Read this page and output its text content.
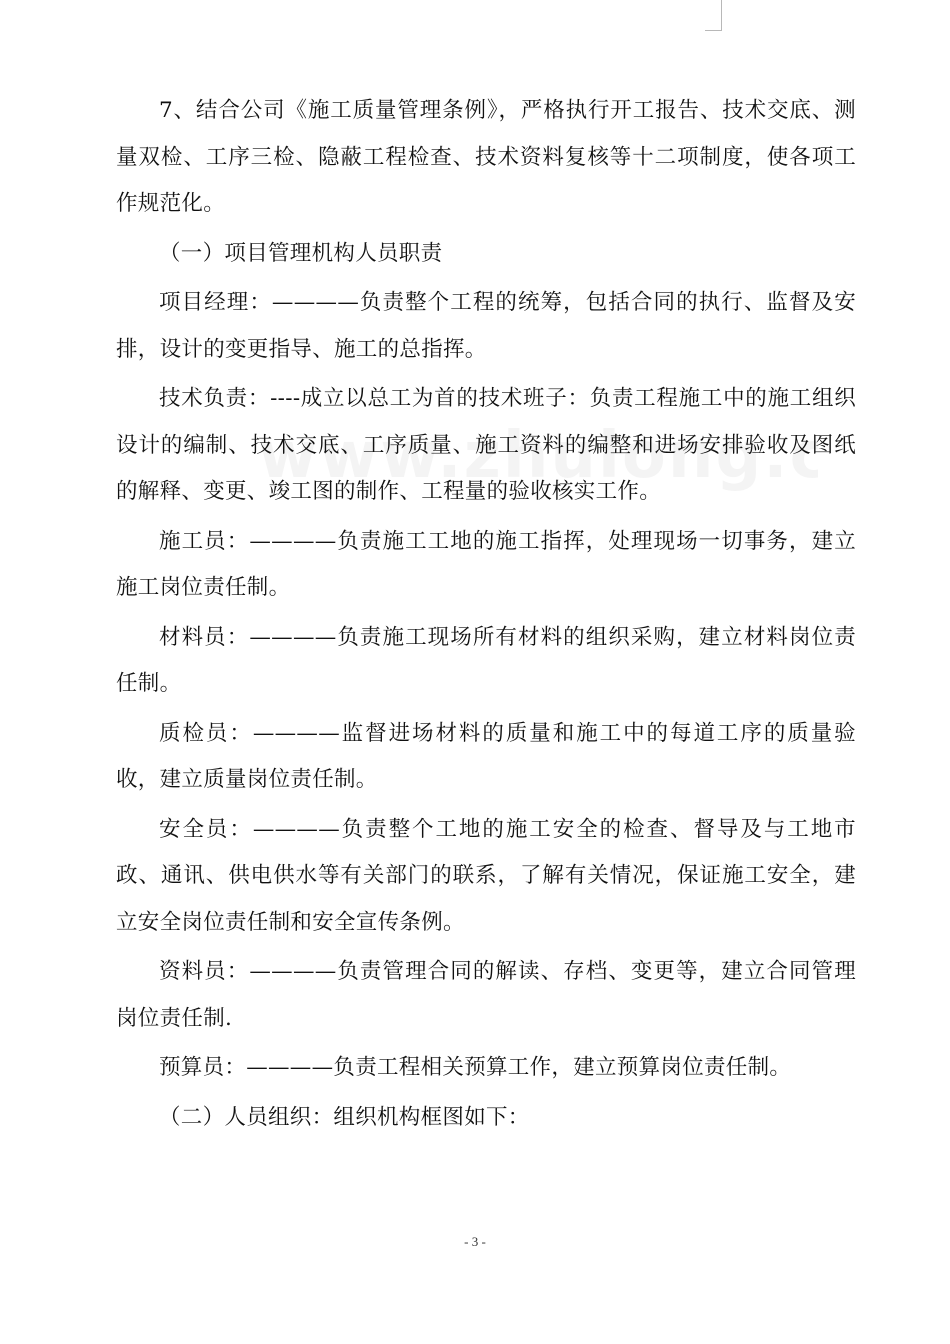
7、结合公司《施工质量管理条例》，严格执行开工报告、技术交底、测量双检、工序三检、隐蔽工程检查、技术资料复核等十二项制度，使各项工作规范化。

（一）项目管理机构人员职责

项目经理：————负责整个工程的统筹，包括合同的执行、监督及安排，设计的变更指导、施工的总指挥。

技术负责：----成立以总工为首的技术班子：负责工程施工中的施工组织设计的编制、技术交底、工序质量、施工资料的编整和进场安排验收及图纸的解释、变更、竣工图的制作、工程量的验收核实工作。

施工员：————负责施工工地的施工指挥，处理现场一切事务，建立施工岗位责任制。

材料员：————负责施工现场所有材料的组织采购，建立材料岗位责任制。

质检员：————监督进场材料的质量和施工中的每道工序的质量验收，建立质量岗位责任制。

安全员：————负责整个工地的施工安全的检查、督导及与工地市政、通讯、供电供水等有关部门的联系，了解有关情况，保证施工安全，建立安全岗位责任制和安全宣传条例。

资料员：————负责管理合同的解读、存档、变更等，建立合同管理岗位责任制.

预算员：————负责工程相关预算工作，建立预算岗位责任制。

（二）人员组织：组织机构框图如下：

- 3 -
